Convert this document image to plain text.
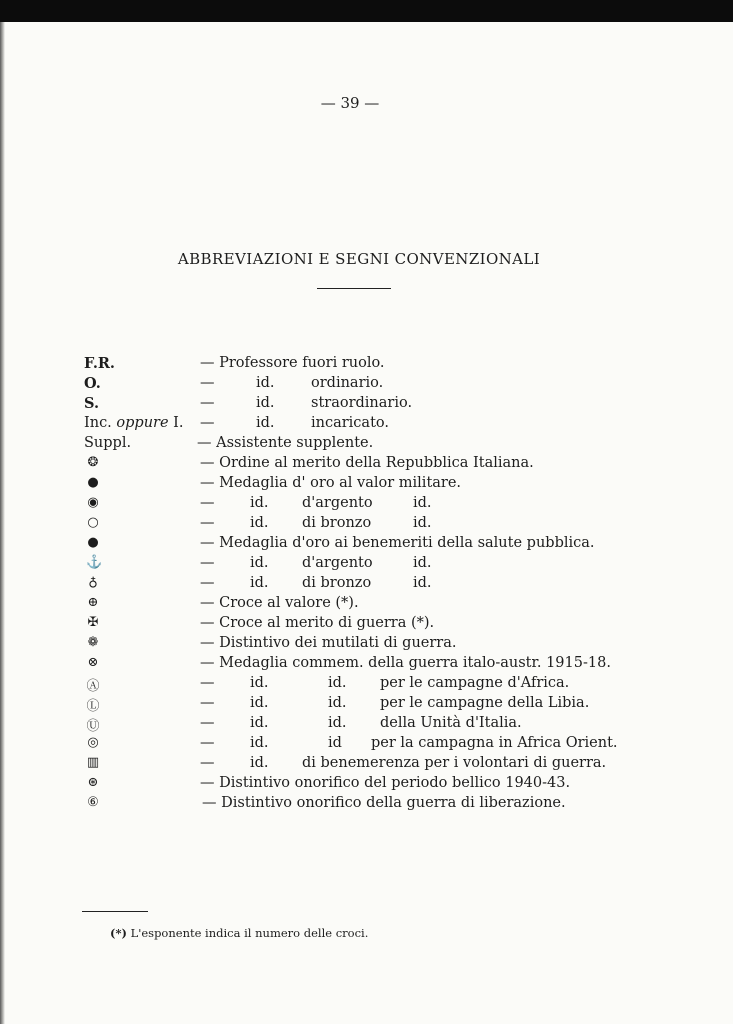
— 39 —
ABBREVIAZIONI E SEGNI CONVENZIONALI
F.R.	— Professore fuori ruolo.
O.	—	id.	ordinario.
S.	—	id.	straordinario.
Inc. oppure I. —	id.	incaricato.
Suppl.	— Assistente supplente.
❂	— Ordine al merito della Repubblica Italiana.
●	— Medaglia d' oro al valor militare.
◉	— id. d'argento	id.
○	— id. di bronzo	id.
●	— Medaglia d'oro ai benemeriti della salute pubblica.
⚓	— id. d'argento	id.
♁	— id. di bronzo	id.
⊕	— Croce al valore (*).
✠	— Croce al merito di guerra (*).
❁	— Distintivo dei mutilati di guerra.
⊗	— Medaglia commem. della guerra italo-austr. 1915-18.
Ⓐ	— id.	id. per le campagne d'Africa.
Ⓛ	— id.	id. per le campagne della Libia.
Ⓤ	— id.	id. della Unità d'Italia.
◎	— id.	id per la campagna in Africa Orient.
▥	— id. di benemerenza per i volontari di guerra.
⊛	— Distintivo onorifico del periodo bellico 1940-43.
⑥	— Distintivo onorifico della guerra di liberazione.
(*) L'esponente indica il numero delle croci.
